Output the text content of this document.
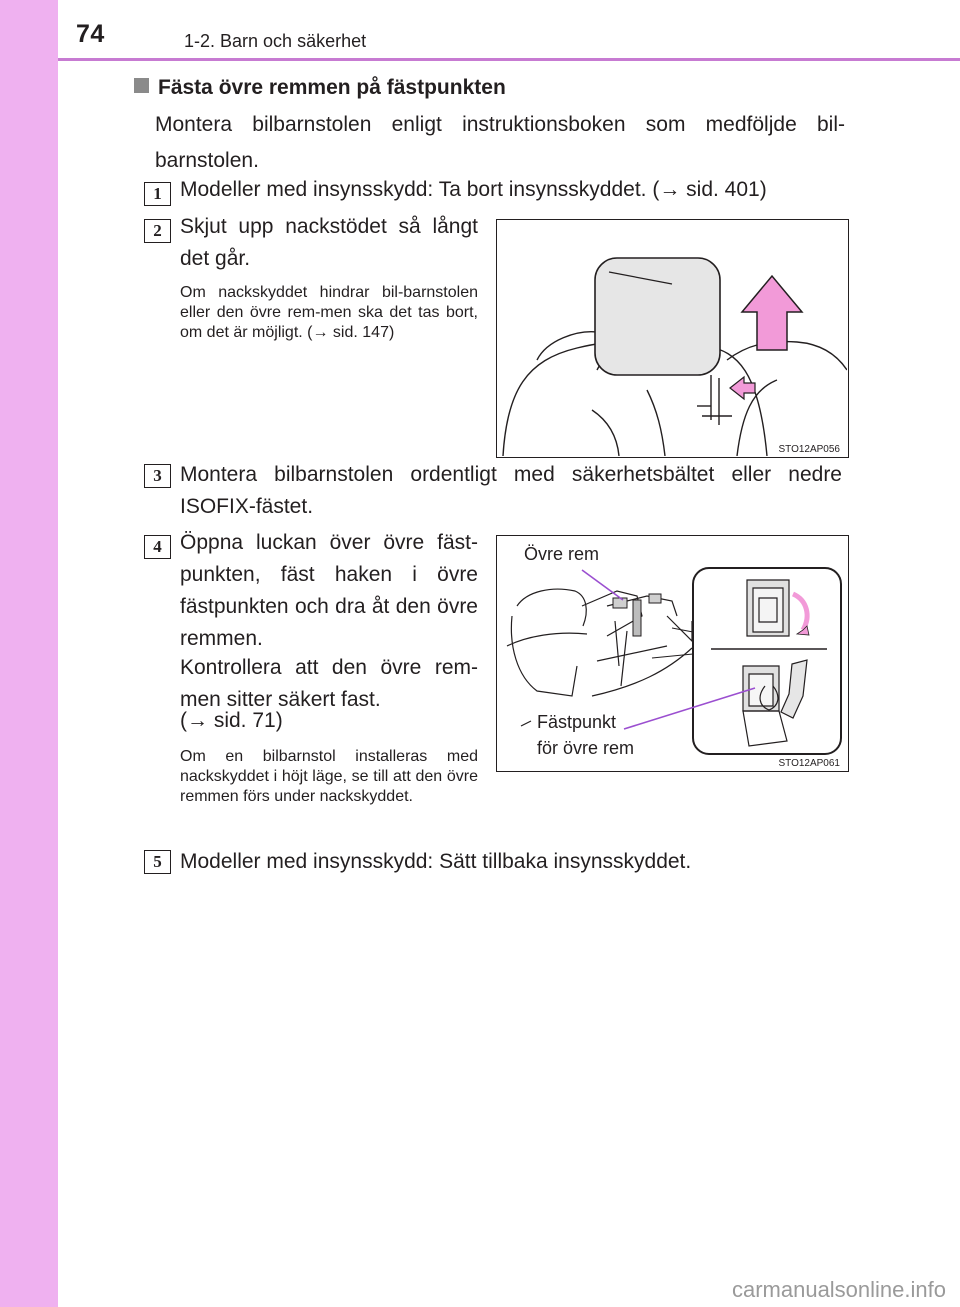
74	1-2. Barn och säkerhet
Fästa övre remmen på fästpunkten
Montera bilbarnstolen enligt instruktionsboken som medföljde bil-barnstolen.
1 Modeller med insynsskydd: Ta bort insynsskyddet. (→ sid. 401)
2 Skjut upp nackstödet så långt det går.
Om nackskyddet hindrar bil-barnstolen eller den övre rem-men ska det tas bort, om det är möjligt. (→ sid. 147)
STO12AP056
3 Montera bilbarnstolen ordentligt med säkerhetsbältet eller nedre ISOFIX-fästet.
4 Öppna luckan över övre fäst-punkten, fäst haken i övre fästpunkten och dra åt den övre remmen.
Kontrollera att den övre rem-men sitter säkert fast.
(→ sid. 71)
Om en bilbarnstol installeras med nackskyddet i höjt läge, se till att den övre remmen förs under nackskyddet.
Övre rem
Fästpunkt
för övre rem
STO12AP061
5 Modeller med insynsskydd: Sätt tillbaka insynsskyddet.
carmanualsonline.info
